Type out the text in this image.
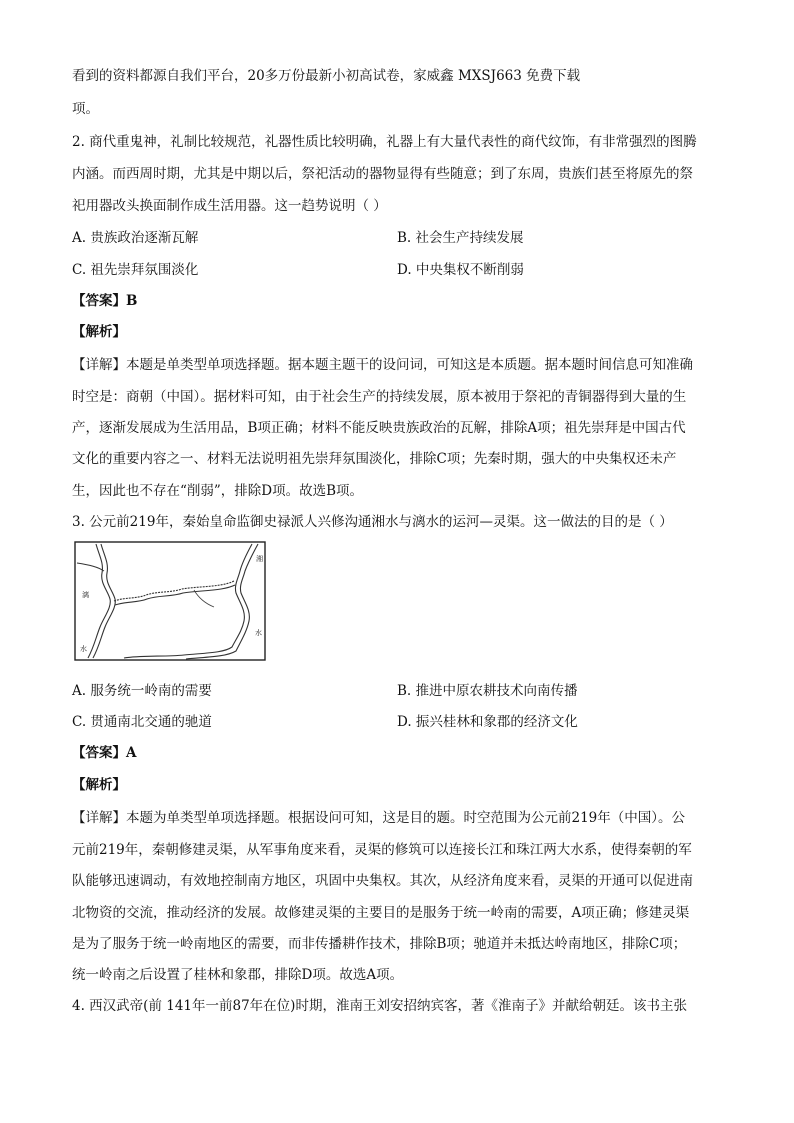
看到的资料都源自我们平台，20多万份最新小初高试卷，家威鑫 MXSJ663 免费下载
项。
2. 商代重鬼神，礼制比较规范，礼器性质比较明确，礼器上有大量代表性的商代纹饰，有非常强烈的图腾
内涵。而西周时期，尤其是中期以后，祭祀活动的器物显得有些随意；到了东周，贵族们甚至将原先的祭
祀用器改头换面制作成生活用器。这一趋势说明（ ）
A. 贵族政治逐渐瓦解	B. 社会生产持续发展
C. 祖先崇拜氛围淡化	D. 中央集权不断削弱
【答案】B
【解析】
【详解】本题是单类型单项选择题。据本题主题干的设问词，可知这是本质题。据本题时间信息可知准确
时空是：商朝（中国）。据材料可知，由于社会生产的持续发展，原本被用于祭祀的青铜器得到大量的生
产，逐渐发展成为生活用品，B项正确；材料不能反映贵族政治的瓦解，排除A项；祖先崇拜是中国古代
文化的重要内容之一、材料无法说明祖先崇拜氛围淡化，排除C项；先秦时期，强大的中央集权还未产
生，因此也不存在“削弱”，排除D项。故选B项。
3. 公元前219年，秦始皇命监御史禄派人兴修沟通湘水与漓水的运河—灵渠。这一做法的目的是（ ）
漓
湘
水
水
A. 服务统一岭南的需要	B. 推进中原农耕技术向南传播
C. 贯通南北交通的驰道	D. 振兴桂林和象郡的经济文化
【答案】A
【解析】
【详解】本题为单类型单项选择题。根据设问可知，这是目的题。时空范围为公元前219年（中国）。公
元前219年，秦朝修建灵渠，从军事角度来看，灵渠的修筑可以连接长江和珠江两大水系，使得秦朝的军
队能够迅速调动，有效地控制南方地区，巩固中央集权。其次，从经济角度来看，灵渠的开通可以促进南
北物资的交流，推动经济的发展。故修建灵渠的主要目的是服务于统一岭南的需要，A项正确；修建灵渠
是为了服务于统一岭南地区的需要，而非传播耕作技术，排除B项；驰道并未抵达岭南地区，排除C项；
统一岭南之后设置了桂林和象郡，排除D项。故选A项。
4. 西汉武帝(前 141年一前87年在位)时期，淮南王刘安招纳宾客，著《淮南子》并献给朝廷。该书主张
